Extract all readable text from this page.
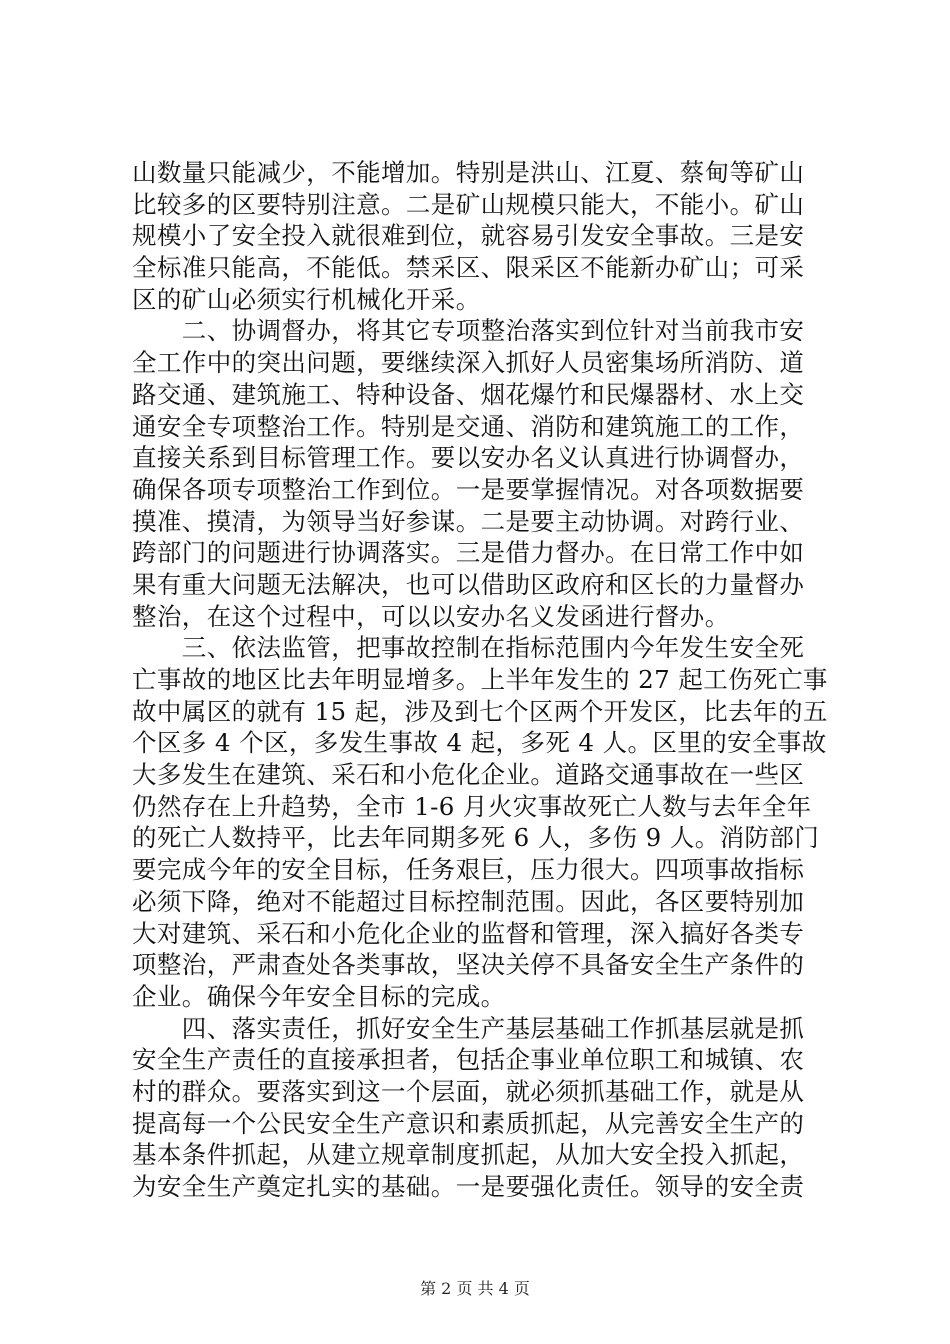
山数量只能减少，不能增加。特别是洪山、江夏、蔡甸等矿山
比较多的区要特别注意。二是矿山规模只能大，不能小。矿山
规模小了安全投入就很难到位，就容易引发安全事故。三是安
全标准只能高，不能低。禁采区、限采区不能新办矿山；可采
区的矿山必须实行机械化开采。
　　二、协调督办，将其它专项整治落实到位针对当前我市安
全工作中的突出问题，要继续深入抓好人员密集场所消防、道
路交通、建筑施工、特种设备、烟花爆竹和民爆器材、水上交
通安全专项整治工作。特别是交通、消防和建筑施工的工作，
直接关系到目标管理工作。要以安办名义认真进行协调督办，
确保各项专项整治工作到位。一是要掌握情况。对各项数据要
摸准、摸清，为领导当好参谋。二是要主动协调。对跨行业、
跨部门的问题进行协调落实。三是借力督办。在日常工作中如
果有重大问题无法解决，也可以借助区政府和区长的力量督办
整治，在这个过程中，可以以安办名义发函进行督办。
　　三、依法监管，把事故控制在指标范围内今年发生安全死
亡事故的地区比去年明显增多。上半年发生的 27 起工伤死亡事
故中属区的就有 15 起，涉及到七个区两个开发区，比去年的五
个区多 4 个区，多发生事故 4 起，多死 4 人。区里的安全事故
大多发生在建筑、采石和小危化企业。道路交通事故在一些区
仍然存在上升趋势，全市 1-6 月火灾事故死亡人数与去年全年
的死亡人数持平，比去年同期多死 6 人，多伤 9 人。消防部门
要完成今年的安全目标，任务艰巨，压力很大。四项事故指标
必须下降，绝对不能超过目标控制范围。因此，各区要特别加
大对建筑、采石和小危化企业的监督和管理，深入搞好各类专
项整治，严肃查处各类事故，坚决关停不具备安全生产条件的
企业。确保今年安全目标的完成。
　　四、落实责任，抓好安全生产基层基础工作抓基层就是抓
安全生产责任的直接承担者，包括企事业单位职工和城镇、农
村的群众。要落实到这一个层面，就必须抓基础工作，就是从
提高每一个公民安全生产意识和素质抓起，从完善安全生产的
基本条件抓起，从建立规章制度抓起，从加大安全投入抓起，
为安全生产奠定扎实的基础。一是要强化责任。领导的安全责
第 2 页 共 4 页
